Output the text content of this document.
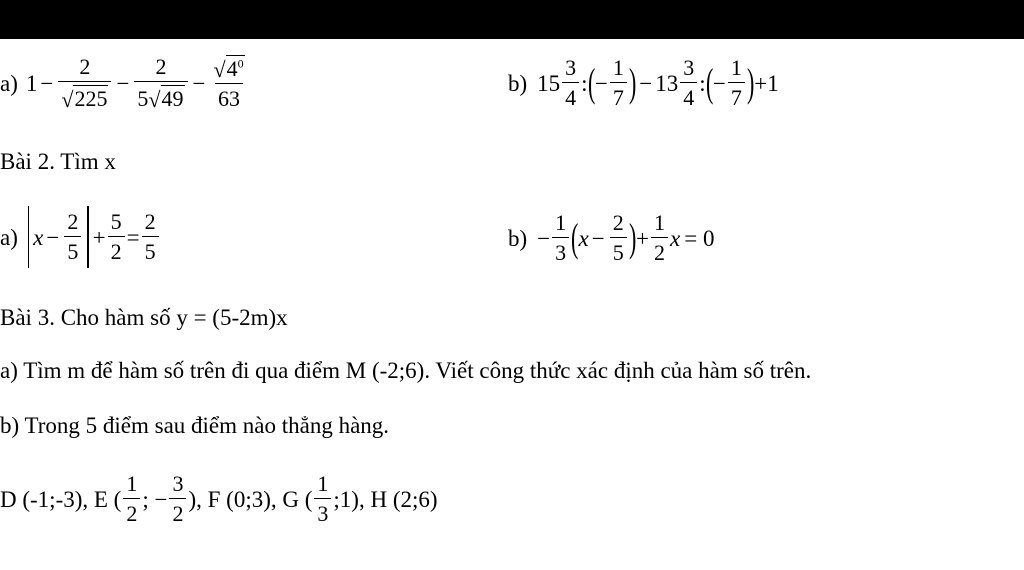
a) $1 - \frac{2}{√ 225} - \frac{2}{5 √ 49} - \frac{√ 4^0}{63}$	b) $15 \frac{3}{4}$ : ( − $\frac{1}{7}$ ) − $13 \frac{3}{4}$ : ( − $\frac{1}{7}$ ) +1
Bài 2. Tìm x
a) $x - \frac{2}{5} + \frac{5}{2} = \frac{2}{5}$	$b) - \frac{1}{3}$ ( $x - \frac{2}{5}$ ) + $\frac{1}{2}$ x = 0
Bài 3. Cho hàm số y = (5-2m)x
a) Tìm m để hàm số trên đi qua điểm M (-2;6). Viết công thức xác định của hàm số trên.
b) Trong 5 điểm sau điểm nào thẳng hàng.
D (-1;-3), E ( $\frac{1}{2}$ ; − $\frac{3}{2}$ ), F (0;3), G ( $\frac{1}{3}$ ;1), H (2;6)
